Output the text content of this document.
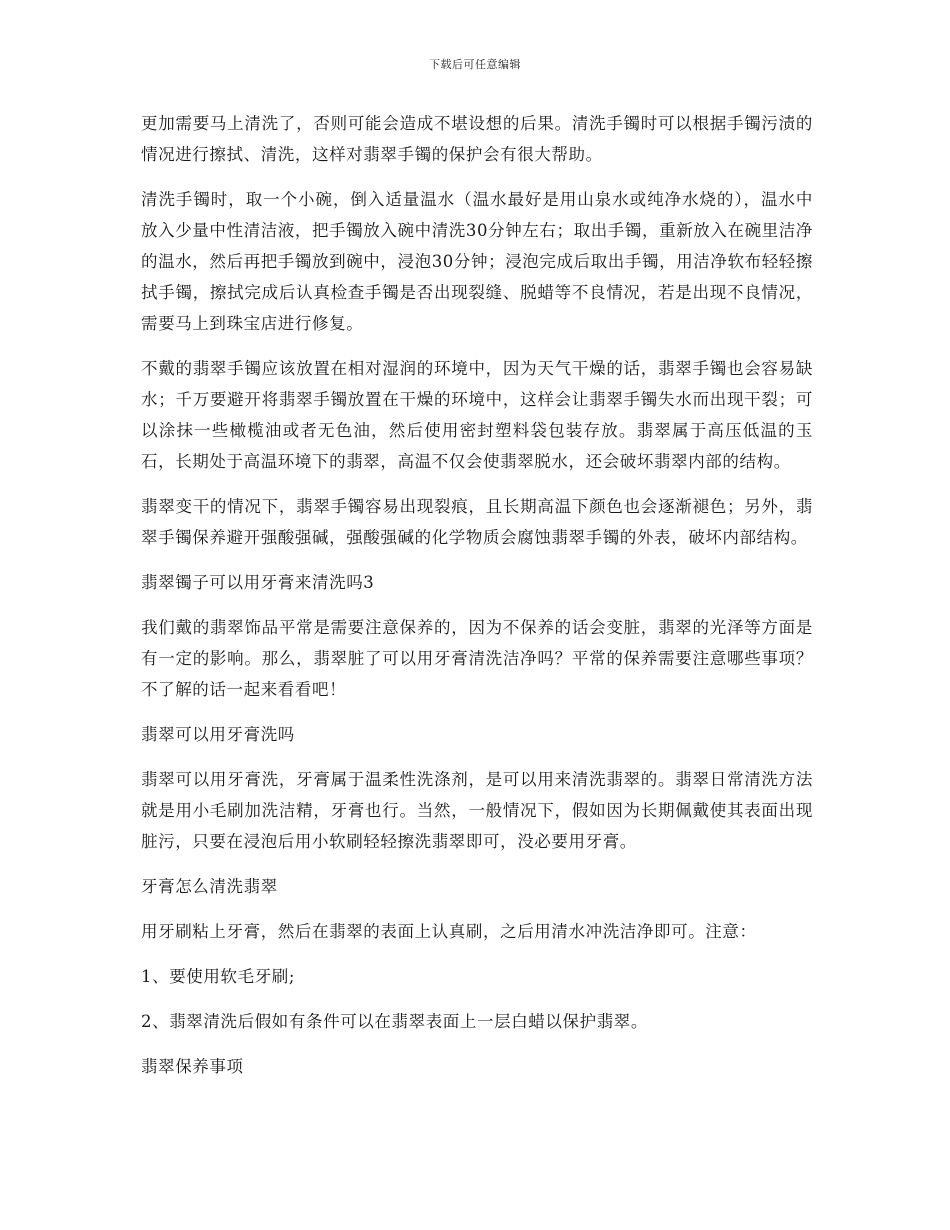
下载后可任意编辑

更加需要马上清洗了，否则可能会造成不堪设想的后果。清洗手镯时可以根据手镯污渍的情况进行擦拭、清洗，这样对翡翠手镯的保护会有很大帮助。

清洗手镯时，取一个小碗，倒入适量温水（温水最好是用山泉水或纯净水烧的），温水中放入少量中性清洁液，把手镯放入碗中清洗30分钟左右；取出手镯，重新放入在碗里洁净的温水，然后再把手镯放到碗中，浸泡30分钟；浸泡完成后取出手镯，用洁净软布轻轻擦拭手镯，擦拭完成后认真检查手镯是否出现裂缝、脱蜡等不良情况，若是出现不良情况，需要马上到珠宝店进行修复。

不戴的翡翠手镯应该放置在相对湿润的环境中，因为天气干燥的话，翡翠手镯也会容易缺水；千万要避开将翡翠手镯放置在干燥的环境中，这样会让翡翠手镯失水而出现干裂；可以涂抹一些橄榄油或者无色油，然后使用密封塑料袋包装存放。翡翠属于高压低温的玉石，长期处于高温环境下的翡翠，高温不仅会使翡翠脱水，还会破坏翡翠内部的结构。

翡翠变干的情况下，翡翠手镯容易出现裂痕，且长期高温下颜色也会逐渐褪色；另外，翡翠手镯保养避开强酸强碱，强酸强碱的化学物质会腐蚀翡翠手镯的外表，破坏内部结构。

翡翠镯子可以用牙膏来清洗吗3

我们戴的翡翠饰品平常是需要注意保养的，因为不保养的话会变脏，翡翠的光泽等方面是有一定的影响。那么，翡翠脏了可以用牙膏清洗洁净吗？平常的保养需要注意哪些事项？不了解的话一起来看看吧！

翡翠可以用牙膏洗吗

翡翠可以用牙膏洗，牙膏属于温柔性洗涤剂，是可以用来清洗翡翠的。翡翠日常清洗方法就是用小毛刷加洗洁精，牙膏也行。当然，一般情况下，假如因为长期佩戴使其表面出现脏污，只要在浸泡后用小软刷轻轻擦洗翡翠即可，没必要用牙膏。

牙膏怎么清洗翡翠

用牙刷粘上牙膏，然后在翡翠的表面上认真刷，之后用清水冲洗洁净即可。注意：

1、要使用软毛牙刷;

2、翡翠清洗后假如有条件可以在翡翠表面上一层白蜡以保护翡翠。

翡翠保养事项
